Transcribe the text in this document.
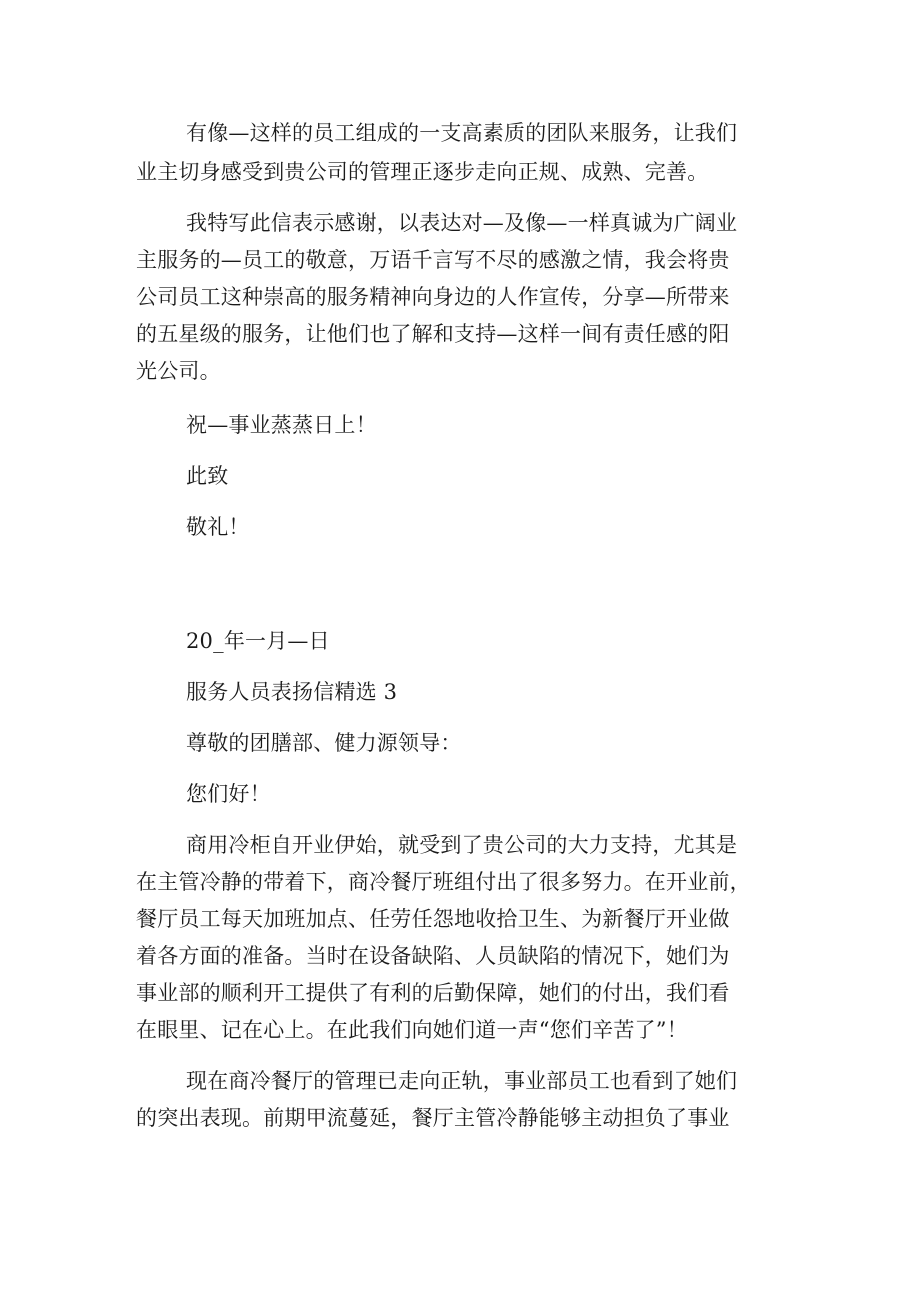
有像—这样的员工组成的一支高素质的团队来服务，让我们
业主切身感受到贵公司的管理正逐步走向正规、成熟、完善。
我特写此信表示感谢，以表达对—及像—一样真诚为广阔业
主服务的—员工的敬意，万语千言写不尽的感激之情，我会将贵
公司员工这种崇高的服务精神向身边的人作宣传，分享—所带来
的五星级的服务，让他们也了解和支持—这样一间有责任感的阳
光公司。
祝—事业蒸蒸日上！
此致
敬礼！
20_年一月—日
服务人员表扬信精选 3
尊敬的团膳部、健力源领导：
您们好！
商用冷柜自开业伊始，就受到了贵公司的大力支持，尤其是
在主管冷静的带着下，商冷餐厅班组付出了很多努力。在开业前，
餐厅员工每天加班加点、任劳任怨地收拾卫生、为新餐厅开业做
着各方面的准备。当时在设备缺陷、人员缺陷的情况下，她们为
事业部的顺利开工提供了有利的后勤保障，她们的付出，我们看
在眼里、记在心上。在此我们向她们道一声“您们辛苦了”！
现在商冷餐厅的管理已走向正轨，事业部员工也看到了她们
的突出表现。前期甲流蔓延，餐厅主管冷静能够主动担负了事业
